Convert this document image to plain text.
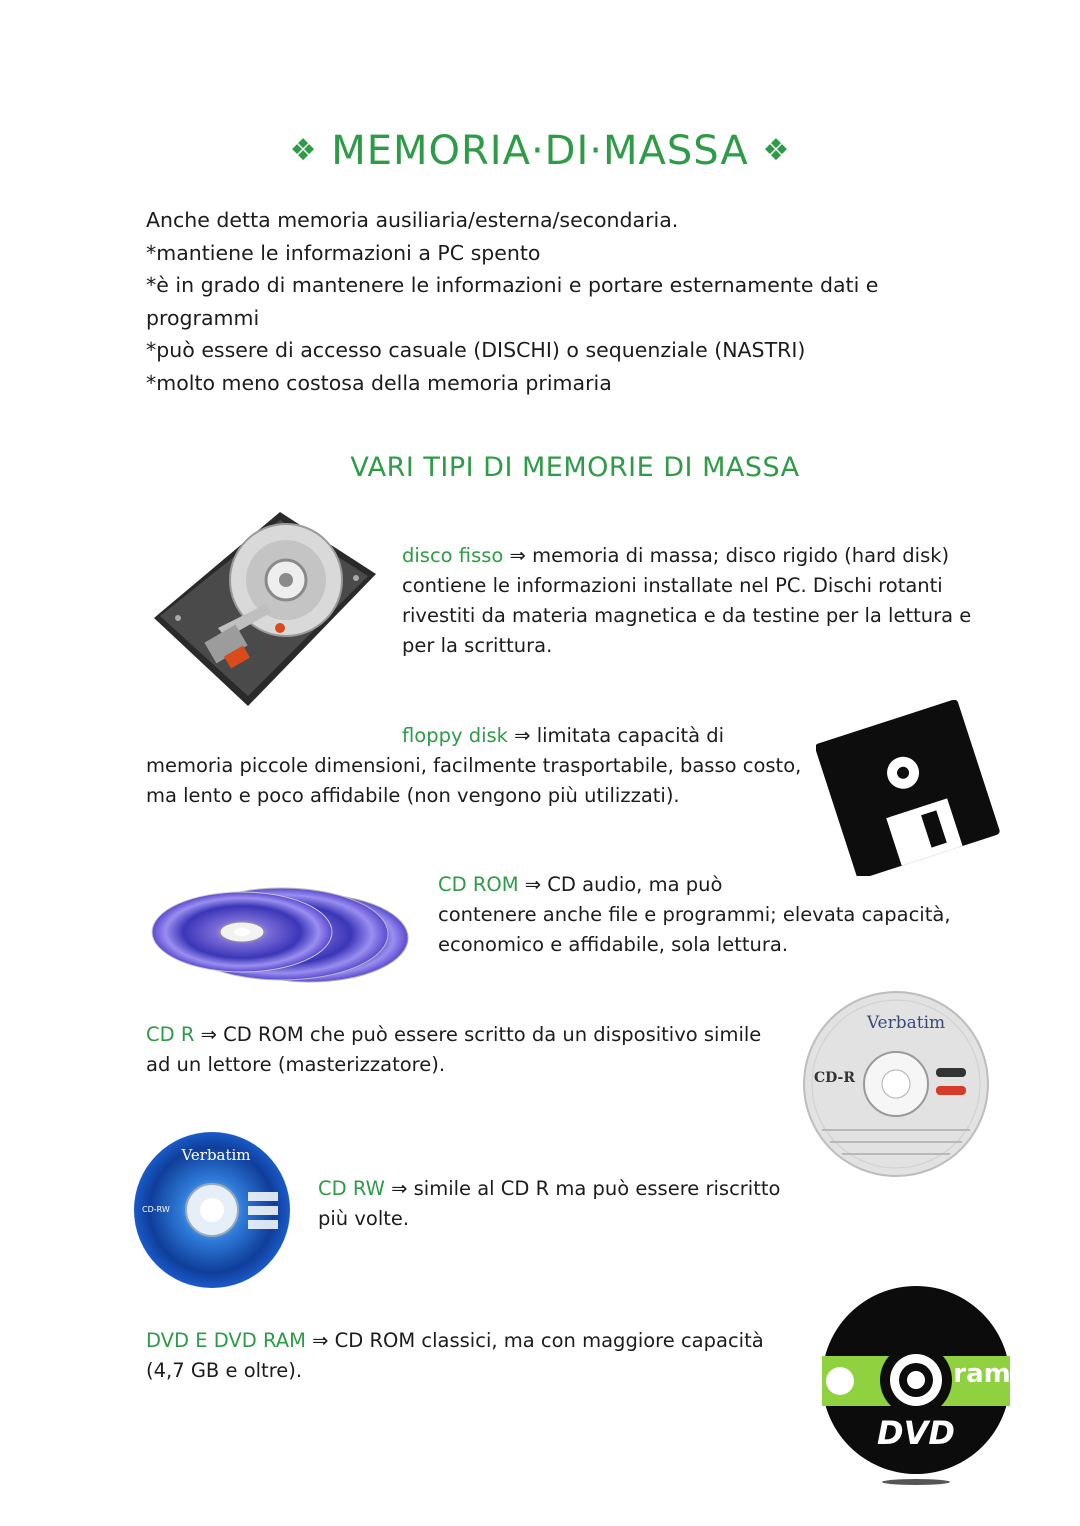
❖ MEMORIA·DI·MASSA ❖
Anche detta memoria ausiliaria/esterna/secondaria.
*mantiene le informazioni a PC spento
*è in grado di mantenere le informazioni e portare esternamente dati e
programmi
*può essere di accesso casuale (DISCHI) o sequenziale (NASTRI)
*molto meno costosa della memoria primaria
VARI TIPI DI MEMORIE DI MASSA
disco fisso ⇒ memoria di massa; disco rigido (hard disk)
contiene le informazioni installate nel PC. Dischi rotanti
rivestiti da materia magnetica e da testine per la lettura e
per la scrittura.
floppy disk ⇒ limitata capacità di
memoria piccole dimensioni, facilmente trasportabile, basso costo,
ma lento e poco affidabile (non vengono più utilizzati).
CD ROM ⇒ CD audio, ma può
contenere anche file e programmi; elevata capacità,
economico e affidabile, sola lettura.
CD R ⇒ CD ROM che può essere scritto da un dispositivo simile
ad un lettore (masterizzatore).
Verbatim
CD-R
Verbatim
CD-RW
CD RW ⇒ simile al CD R ma può essere riscritto
più volte.
DVD E DVD RAM ⇒ CD ROM classici, ma con maggiore capacità
(4,7 GB e oltre).	ram
DVD
